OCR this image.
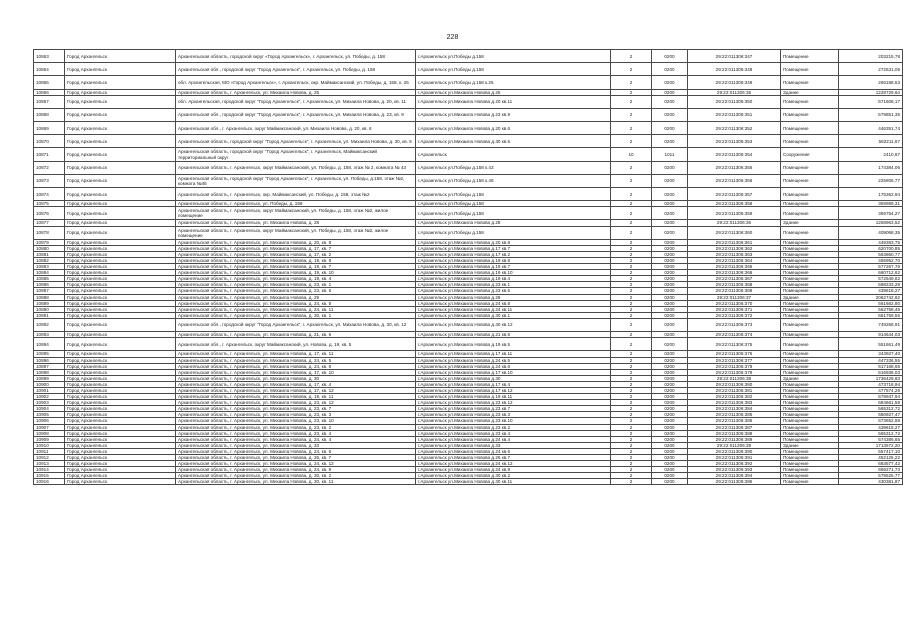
228
10863	Город Архангельск	Архангельская область, городской округ «Город Архангельск», г. Архангельск, ул. Победы, д. 158	г.Архангельск ул.Победы д.158	2	0200	29:22:011306:347	Помещение	203215,78
10864	Город Архангельск	Архангельская обл., городской округ "Город Архангельск", г. Архангельск, ул. Победы, д. 158	г.Архангельск ул.Победы д.158	2	0200	29:22:011306:348	Помещение	272631,05
10865	Город Архангельск	обл. Архангельская, МО «Город Архангельск», г. Архангельск, окр. Маймаксанский, ул. Победы, д. 158, к. 25	г.Архангельск ул.Победы д.158 к.25	2	0200	29:22:011306:349	Помещение	266188,53
10866	Город Архангельск	Архангельская область, г. Архангельск, ул. Михаила Новова, д. 25	г.Архангельск ул.Михаила Новова д.25	2	0200	29:22:011306:35	Здание	1228729,64
10867	Город Архангельск	обл. Архангельская, городской округ "Город Архангельск", г. Архангельск, ул. Михаила Новова, д. 20, кв. 11	г.Архангельск ул.Михаила Новова д.20 кв.11	2	0200	29:22:011306:350	Помещение	571608,17
10868	Город Архангельск	Архангельская обл., городской округ "Город Архангельск", г. Архангельск, ул. Михаила Новова, д. 23, кв. 9	г.Архангельск ул.Михаила Новова д.23 кв.9	2	0200	29:22:011306:351	Помещение	579851,35
10869	Город Архангельск	Архангельская обл., г. Архангельск, округ Маймаксанский, ул. Михаила Новова, д. 20, кв. 6	г.Архангельск ул.Михаила Новова д.20 кв.6	2	0200	29:22:011306:352	Помещение	446351,74
10870	Город Архангельск	Архангельская область, городской округ "Город Архангельск", г. Архангельск, ул. Михаила Новова, д. 30, кв. 5	г.Архангельск ул.Михаила Новова д.30 кв.5	2	0200	29:22:011306:353	Помещение	582211,67
10871	Город Архангельск	Архангельская область, городской округ "Город Архангельск", г. Архангельск, Маймаксанский территориальный округ	г.Архангельск	10	1011	29:22:011306:354	Сооружение	2410,67
10872	Город Архангельск	Архангельская область, г. Архангельск, округ Маймаксанский, ул. Победы, д. 158, этаж № 2, комната № 43	г.Архангельск ул.Победы д.158 к.43	2	0200	29:22:011306:355	Помещение	174384,06
10873	Город Архангельск	Архангельская область, городской округ "Город Архангельск", г. Архангельск, ул. Победы, д.158, этаж №2, комната №46	г.Архангельск ул.Победы д.158 к.46	2	0200	29:22:011306:356	Помещение	225806,77
10874	Город Архангельск	Архангельская область, г. Архангельск, окр. Маймаксанский, ул. Победы, д. 158, этаж №2	г.Архангельск ул.Победы д.158	2	0200	29:22:011306:357	Помещение	175362,94
10875	Город Архангельск	Архангельская область, г. Архангельск, ул. Победы, д. 158	г.Архангельск ул.Победы д.158	2	0200	29:22:011306:358	Помещение	359989,31
10876	Город Архангельск	Архангельская область, г. Архангельск, округ Маймаксанский, ул. Победы, д. 158, этаж №2, жилое помещение	г.Архангельск ул.Победы д.158	2	0200	29:22:011306:359	Помещение	369754,27
10877	Город Архангельск	Архангельская область, г. Архангельск, ул. Михаила Новова, д. 28	г.Архангельск ул.Михаила Новова д.28	2	0200	29:22:011306:36	Здание	1258963,52
10878	Город Архангельск	Архангельская область, г. Архангельск, округ Маймаксанский, ул. Победы, д. 158, этаж №2, жилое помещение	г.Архангельск ул.Победы д.158	2	0200	29:22:011306:360	Помещение	409068,35
10879	Город Архангельск	Архангельская область, г. Архангельск, ул. Михаила Новова, д. 20, кв. 8	г.Архангельск ул.Михаила Новова д.20 кв.8	2	0200	29:22:011306:361	Помещение	449383,75
10880	Город Архангельск	Архангельская область, г. Архангельск, ул. Михаила Новова, д. 17, кв. 7	г.Архангельск ул.Михаила Новова д.17 кв.7	2	0200	29:22:011306:362	Помещение	620700,85
10881	Город Архангельск	Архангельская область, г. Архангельск, ул. Михаила Новова, д. 17, кв. 2	г.Архангельск ул.Михаила Новова д.17 кв.2	2	0200	29:22:011306:363	Помещение	563860,77
10882	Город Архангельск	Архангельская область, г. Архангельск, ул. Михаила Новова, д. 19, кв. 8	г.Архангельск ул.Михаила Новова д.19 кв.8	2	0200	29:22:011306:364	Помещение	455952,70
10883	Город Архангельск	Архангельская область, г. Архангельск, ул. Михаила Новова, д. 19, кв. 7	г.Архангельск ул.Михаила Новова д.19 кв.7	2	0200	29:22:011306:365	Помещение	577267,76
10884	Город Архангельск	Архангельская область, г. Архангельск, ул. Михаила Новова, д. 19, кв. 10	г.Архангельск ул.Михаила Новова д.19 кв.10	2	0200	29:22:011306:366	Помещение	660712,62
10885	Город Архангельск	Архангельская область, г. Архангельск, ул. Михаила Новова, д. 19, кв. 4	г.Архангельск ул.Михаила Новова д.19 кв.4	2	0200	29:22:011306:367	Помещение	572549,82
10886	Город Архангельск	Архангельская область, г. Архангельск, ул. Михаила Новова, д. 23, кв. 1	г.Архангельск ул.Михаила Новова д.23 кв.1	2	0200	29:22:011306:368	Помещение	698233,28
10887	Город Архангельск	Архангельская область, г. Архангельск, ул. Михаила Новова, д. 23, кв. 6	г.Архангельск ул.Михаила Новова д.23 кв.6	2	0200	29:22:011306:369	Помещение	439618,27
10888	Город Архангельск	Архангельская область, г. Архангельск, ул. Михаила Новова, д. 29	г.Архангельск ул.Михаила Новова д.29	2	0200	29:22:011306:37	Здание	2062742,62
10889	Город Архангельск	Архангельская область, г. Архангельск, ул. Михаила Новова, д. 24, кв. 8	г.Архангельск ул.Михаила Новова д.24 кв.8	2	0200	29:22:011306:370	Помещение	561662,80
10890	Город Архангельск	Архангельская область, г. Архангельск, ул. Михаила Новова, д. 24, кв. 11	г.Архангельск ул.Михаила Новова д.24 кв.11	2	0200	29:22:011306:371	Помещение	562758,45
10891	Город Архангельск	Архангельская область, г. Архангельск, ул. Михаила Новова, д. 30, кв. 1	г.Архангельск ул.Михаила Новова д.30 кв.1	2	0200	29:22:011306:372	Помещение	651759,55
10892	Город Архангельск	Архангельская обл., городской округ "Город Архангельск", г. Архангельск, ул. Михаила Новова, д. 30, кв. 12	г.Архангельск ул.Михаила Новова д.30 кв.12	2	0200	29:22:011306:373	Помещение	749268,91
10893	Город Архангельск	Архангельская область, г. Архангельск, ул. Михаила Новова, д. 21, кв. 6	г.Архангельск ул.Михаила Новова д.21 кв.6	2	0200	29:22:011306:374	Помещение	914644,03
10894	Город Архангельск	Архангельская обл., г. Архангельск, округ Маймаксанский, ул. Новова, д. 19, кв. 5	г.Архангельск ул.Михаила Новова д.19 кв.5	2	0200	29:22:011306:375	Помещение	551661,49
10895	Город Архангельск	Архангельская область, г. Архангельск, ул. Михаила Новова, д. 17, кв. 11	г.Архангельск ул.Михаила Новова д.17 кв.11	2	0200	29:22:011306:376	Помещение	343927,40
10896	Город Архангельск	Архангельская область, г. Архангельск, ул. Михаила Новова, д. 24, кв. 5	г.Архангельск ул.Михаила Новова д.24 кв.5	2	0200	29:22:011306:377	Помещение	447336,55
10897	Город Архангельск	Архангельская область, г. Архангельск, ул. Михаила Новова, д. 24, кв. 6	г.Архангельск ул.Михаила Новова д.24 кв.6	2	0200	29:22:011306:378	Помещение	617168,65
10898	Город Архангельск	Архангельская область, г. Архангельск, ул. Михаила Новова, д. 17, кв. 10	г.Архангельск ул.Михаила Новова д.17 кв.10	2	0200	29:22:011306:379	Помещение	616936,03
10899	Город Архангельск	Архангельская область, г. Архангельск, ул. Михаила Новова, д. 30	г.Архангельск ул.Михаила Новова д.30	2	0200	29:22:011306:38	Здание	1736429,83
10900	Город Архангельск	Архангельская область, г. Архангельск, ул. Михаила Новова, д. 17, кв. 4	г.Архангельск ул.Михаила Новова д.17 кв.4	2	0200	29:22:011306:380	Помещение	473718,94
10901	Город Архангельск	Архангельская область, г. Архангельск, ул. Михаила Новова, д. 17, кв. 12	г.Архангельск ул.Михаила Новова д.17 кв.12	2	0200	29:22:011306:381	Помещение	477574,26
10902	Город Архангельск	Архангельская область, г. Архангельск, ул. Михаила Новова, д. 19, кв. 11	г.Архангельск ул.Михаила Новова д.19 кв.11	2	0200	29:22:011306:382	Помещение	679947,94
10903	Город Архангельск	Архангельская область, г. Архангельск, ул. Михаила Новова, д. 23, кв. 12	г.Архангельск ул.Михаила Новова д.23 кв.12	2	0200	29:22:011306:383	Помещение	684661,58
10904	Город Архангельск	Архангельская область, г. Архангельск, ул. Михаила Новова, д. 23, кв. 7	г.Архангельск ул.Михаила Новова д.23 кв.7	2	0200	29:22:011306:384	Помещение	565312,72
10905	Город Архангельск	Архангельская область, г. Архангельск, ул. Михаила Новова, д. 23, кв. 3	г.Архангельск ул.Михаила Новова д.23 кв.3	2	0200	29:22:011306:385	Помещение	680927,47
10906	Город Архангельск	Архангельская область, г. Архангельск, ул. Михаила Новова, д. 23, кв. 10	г.Архангельск ул.Михаила Новова д.23 кв.10	2	0200	29:22:011306:386	Помещение	673652,58
10907	Город Архангельск	Архангельская область, г. Архангельск, ул. Михаила Новова, д. 23, кв. 2	г.Архангельск ул.Михаила Новова д.23 кв.2	2	0200	29:22:011306:387	Помещение	439618,27
10908	Город Архангельск	Архангельская область, г. Архангельск, ул. Михаила Новова, д. 23, кв. 4	г.Архангельск ул.Михаила Новова д.23 кв.4	2	0200	29:22:011306:388	Помещение	565312,72
10909	Город Архангельск	Архангельская область, г. Архангельск, ул. Михаила Новова, д. 24, кв. 4	г.Архангельск ул.Михаила Новова д.24 кв.4	2	0200	29:22:011306:389	Помещение	574386,55
10910	Город Архангельск	Архангельская область, г. Архангельск, ул. Михаила Новова, д. 33	г.Архангельск ул.Михаила Новова д.33	2	0200	29:22:011306:39	Здание	1713572,20
10911	Город Архангельск	Архангельская область, г. Архангельск, ул. Михаила Новова, д. 24, кв. 6	г.Архангельск ул.Михаила Новова д.24 кв.6	2	0200	29:22:011306:390	Помещение	557417,10
10912	Город Архангельск	Архангельская область, г. Архангельск, ул. Михаила Новова, д. 26, кв. 7	г.Архангельск ул.Михаила Новова д.26 кв.7	2	0200	29:22:011306:391	Помещение	452125,22
10913	Город Архангельск	Архангельская область, г. Архангельск, ул. Михаила Новова, д. 24, кв. 12	г.Архангельск ул.Михаила Новова д.24 кв.12	2	0200	29:22:011306:392	Помещение	683577,42
10914	Город Архангельск	Архангельская область, г. Архангельск, ул. Михаила Новова, д. 24, кв. 9	г.Архангельск ул.Михаила Новова д.24 кв.9	2	0200	29:22:011306:393	Помещение	669271,73
10915	Город Архангельск	Архангельская область, г. Архангельск, ул. Михаила Новова, д. 30, кв. 2	г.Архангельск ул.Михаила Новова д.30 кв.2	2	0200	29:22:011306:394	Помещение	579525,77
10916	Город Архангельск	Архангельская область, г. Архангельск, ул. Михаила Новова, д. 30, кв. 11	г.Архангельск ул.Михаила Новова д.30 кв.11	2	0200	29:22:011306:395	Помещение	430381,87
